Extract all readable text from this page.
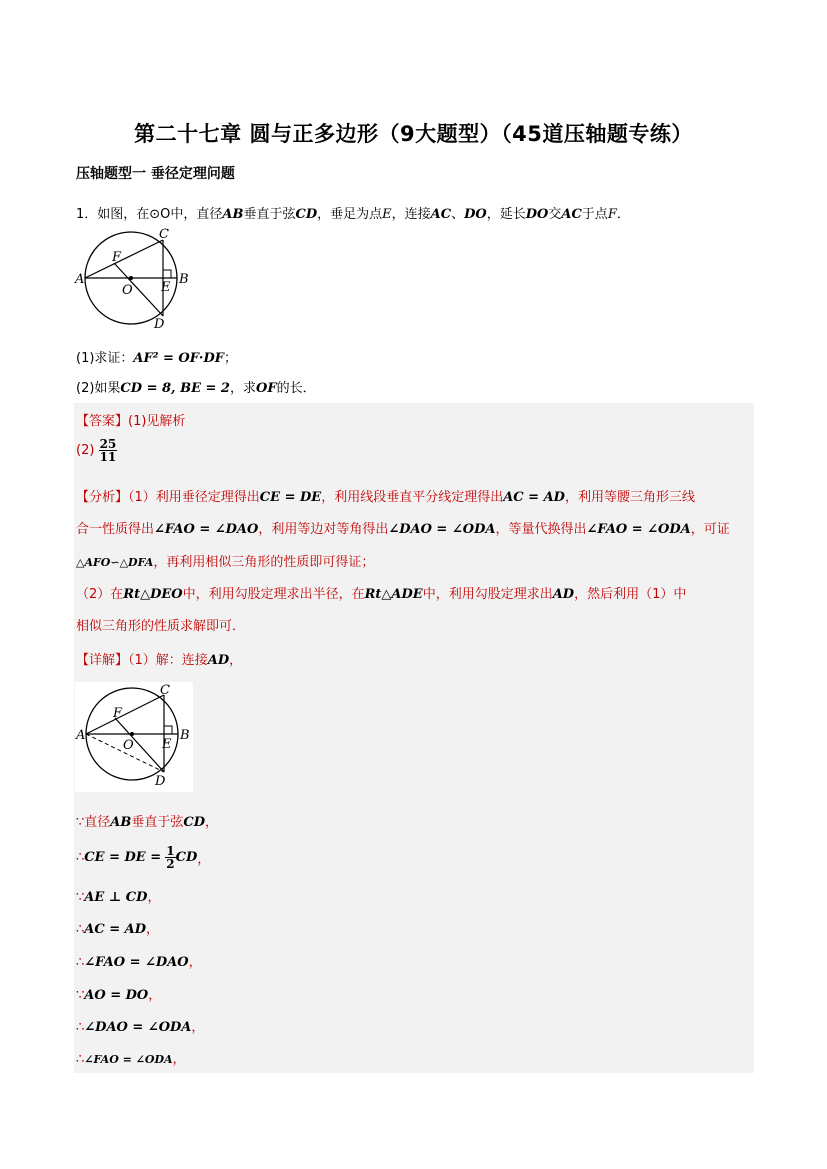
第二十七章 圆与正多边形（9大题型）（45道压轴题专练）
压轴题型一 垂径定理问题
1．如图，在⊙O中，直径AB垂直于弦CD，垂足为点E，连接AC、DO，延长DO交AC于点F．
A	B
C
D
E
F
O
(1)求证：AF² = OF·DF；
(2)如果CD = 8, BE = 2，求OF的长．
【答案】(1)见解析
$(2) \frac{25}{11}$
【分析】（1）利用垂径定理得出CE = DE，利用线段垂直平分线定理得出AC = AD，利用等腰三角形三线
合一性质得出∠FAO = ∠DAO，利用等边对等角得出∠DAO = ∠ODA，等量代换得出∠FAO = ∠ODA，可证
△AFO∽△DFA，再利用相似三角形的性质即可得证；
（2）在Rt△DEO中，利用勾股定理求出半径，在Rt△ADE中，利用勾股定理求出AD，然后利用（1）中
相似三角形的性质求解即可．
【详解】（1）解：连接AD，
A	B
C
D
E
F
O
∵直径AB垂直于弦CD，
∴CE = DE = $\frac{1}{2}$ CD，
∵AE ⊥ CD，
∴AC = AD，
∴∠FAO = ∠DAO，
∵AO = DO，
∴∠DAO = ∠ODA，
∴∠FAO = ∠ODA，
